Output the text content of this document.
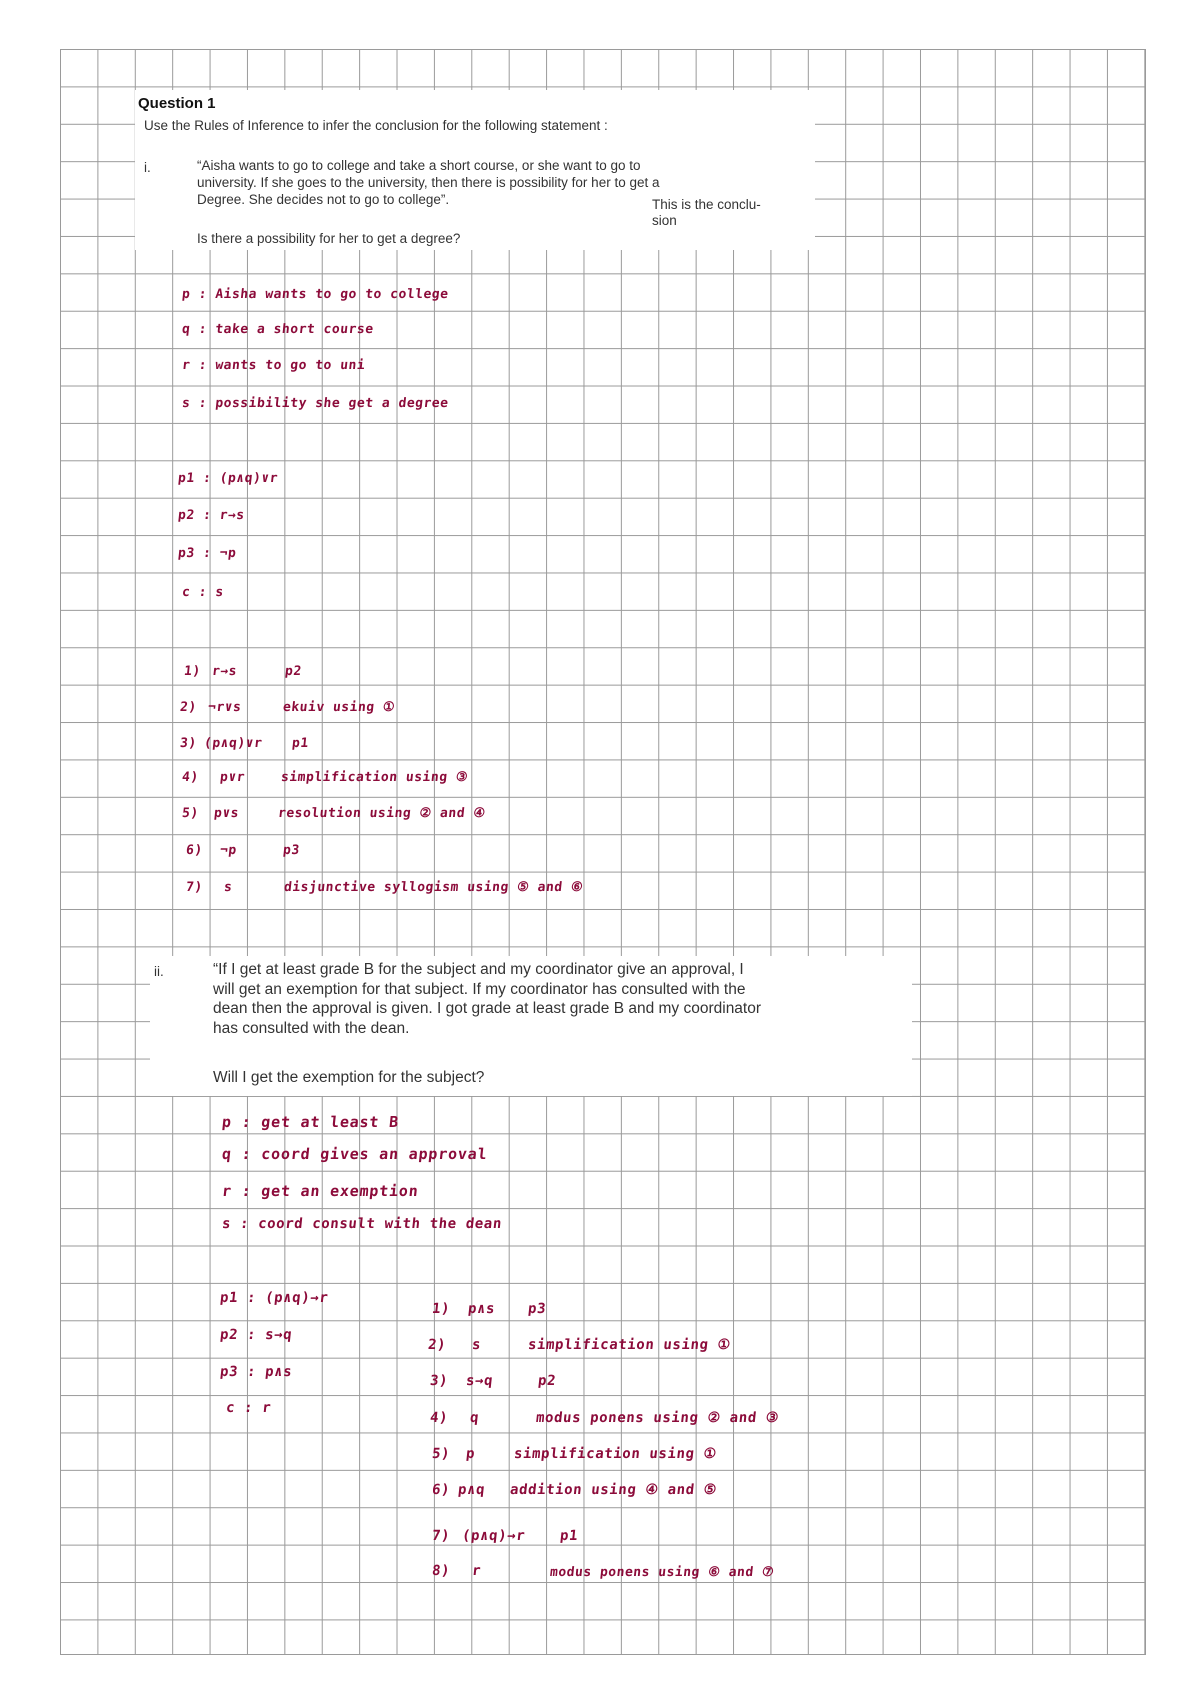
Question 1
Use the Rules of Inference to infer the conclusion for the following statement :
i.	“Aisha wants to go to college and take a short course, or she want to go to
university. If she goes to the university, then there is possibility for her to get a
Degree. She decides not to go to college”.	This is the conclu-
sion
Is there a possibility for her to get a degree?
p : Aisha wants to go to college
q : take a short course
r : wants to go to uni
s : possibility she get a degree
p1 : (p∧q)∨r
p2 : r→s
p3 : ¬p
c : s
1) r→s	p2
2) ¬r∨s	ekuiv using ①
3) (p∧q)∨r p1
4) p∨r	simplification using ③
5) p∨s	resolution using ② and ④
6) ¬p	p3
7) s	disjunctive syllogism using ⑤ and ⑥
ii.	“If I get at least grade B for the subject and my coordinator give an approval, I
will get an exemption for that subject. If my coordinator has consulted with the
dean then the approval is given. I got grade at least grade B and my coordinator
has consulted with the dean.
Will I get the exemption for the subject?
p : get at least B
q : coord gives an approval
r : get an exemption
s : coord consult with the dean
p1 : (p∧q)→r
p2 : s→q
p3 : p∧s
c : r
1) p∧s p3
2) s	simplification using ①
3) s→q	p2
4) q	modus ponens using ② and ③
5) p	simplification using ①
6) p∧q addition using ④ and ⑤
7) (p∧q)→r p1
8) r	modus ponens using ⑥ and ⑦
